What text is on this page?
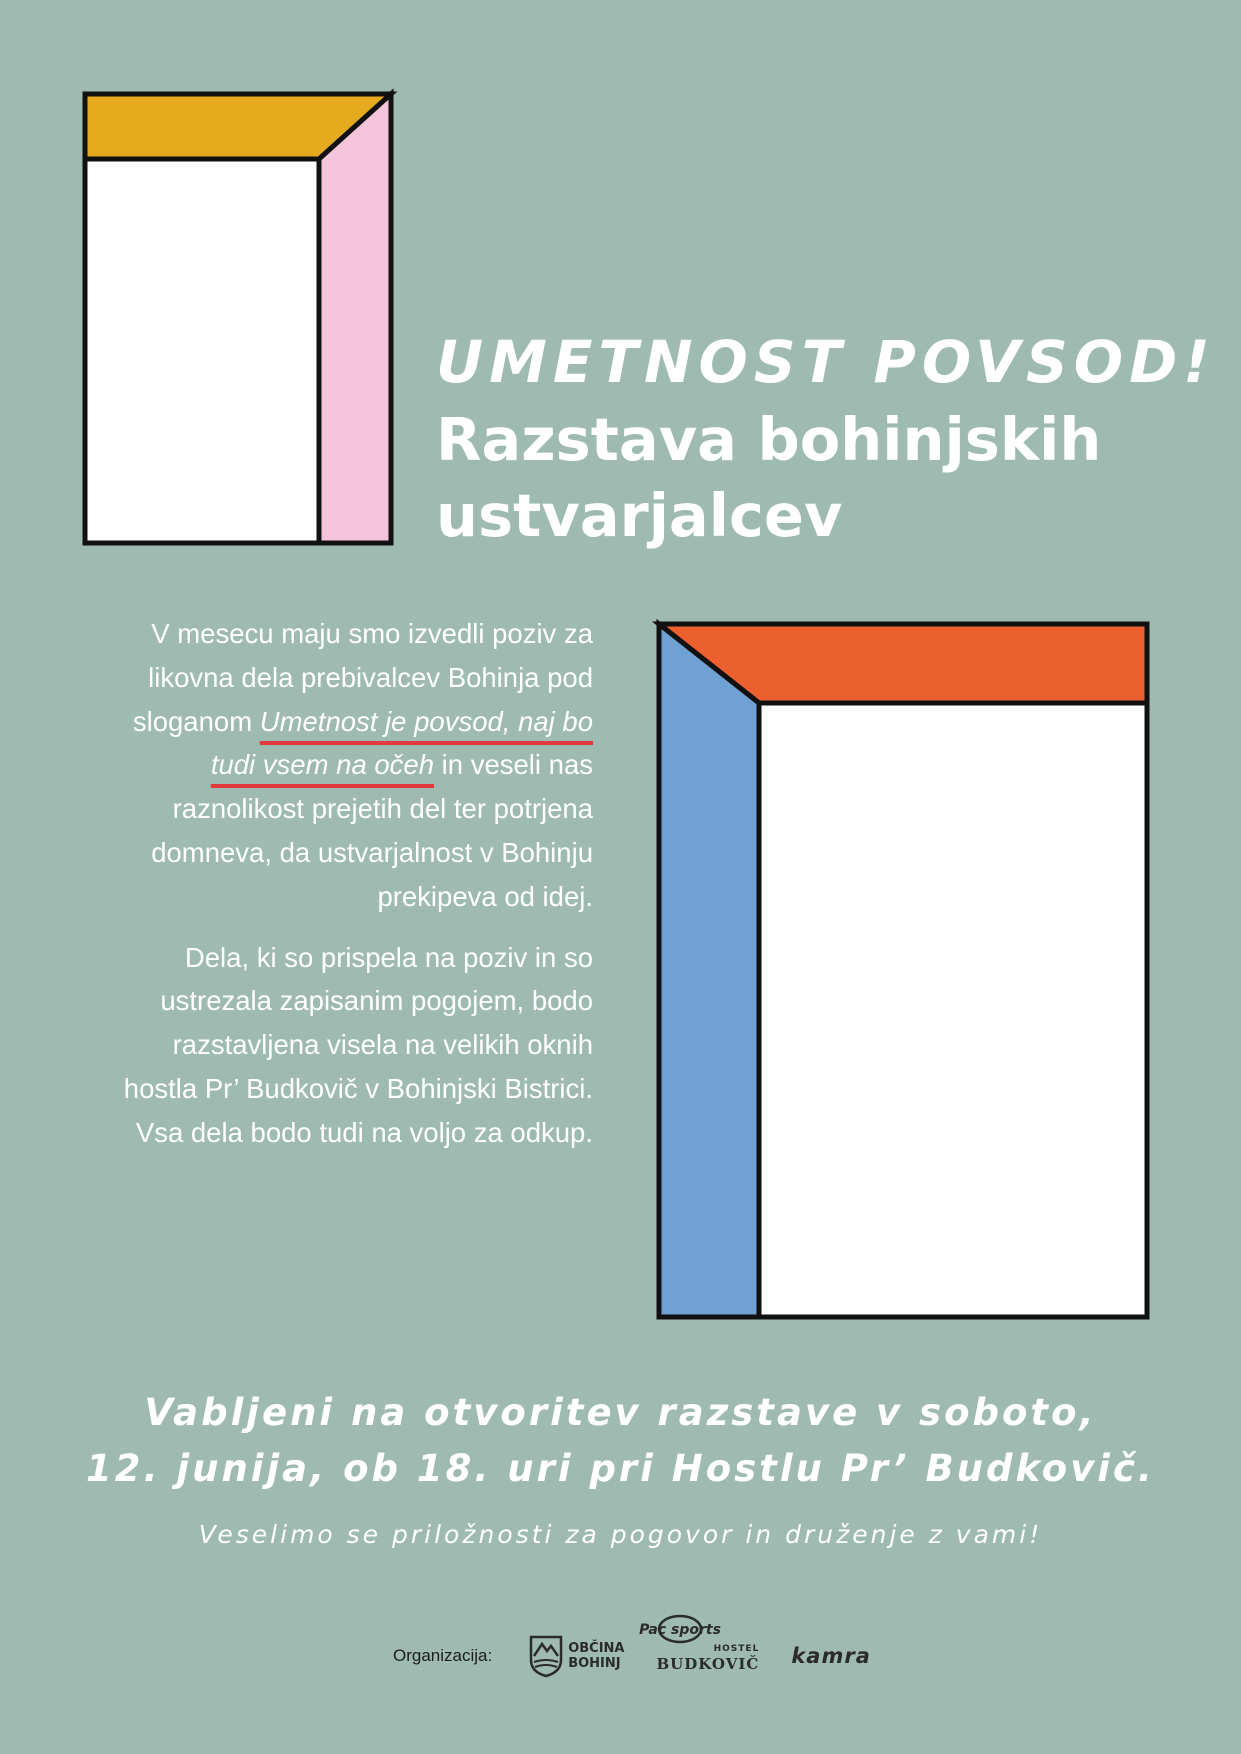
UMETNOST POVSOD!
Razstava bohinjskih ustvarjalcev

V mesecu maju smo izvedli poziv za likovna dela prebivalcev Bohinja pod sloganom Umetnost je povsod, naj bo tudi vsem na očeh in veseli nas raznolikost prejetih del ter potrjena domneva, da ustvarjalnost v Bohinju prekipeva od idej.

Dela, ki so prispela na poziv in so ustrezala zapisanim pogojem, bodo razstavljena visela na velikih oknih hostla Pr’ Budkovič v Bohinjski Bistrici. Vsa dela bodo tudi na voljo za odkup.

Vabljeni na otvoritev razstave v soboto,
12. junija, ob 18. uri pri Hostlu Pr’ Budkovič.
Veselimo se priložnosti za pogovor in druženje z vami!
Organizacija:	OBČINA
BOHINJ
Pac sports
HOSTEL
BUDKOVIČ kamra
